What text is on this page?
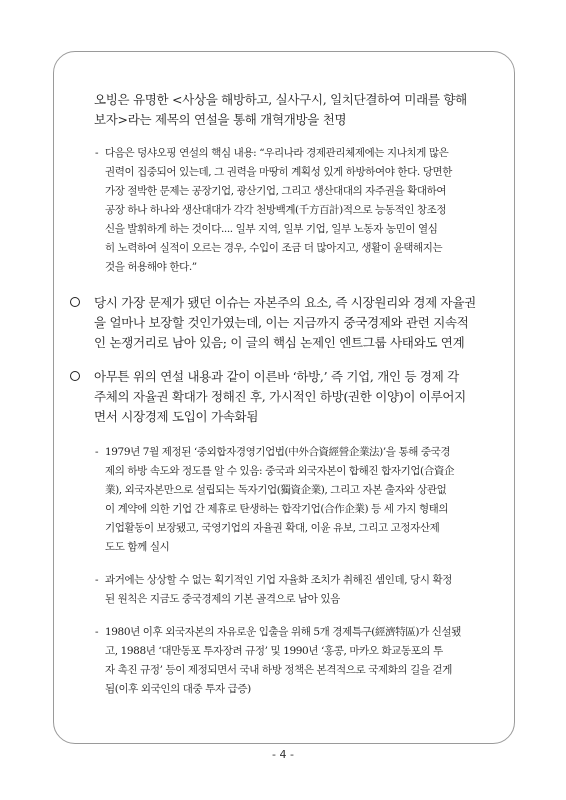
오빙은 유명한 <사상을 해방하고, 실사구시, 일치단결하여 미래를 향해

보자>라는 제목의 연설을 통해 개혁개방을 천명

- 다음은 덩샤오핑 연설의 핵심 내용: “우리나라 경제관리체제에는 지나치게 많은

권력이 집중되어 있는데, 그 권력을 마땅히 계획성 있게 하방하여야 한다. 당면한

가장 절박한 문제는 공장기업, 광산기업, 그리고 생산대대의 자주권을 확대하여

공장 하나 하나와 생산대대가 각각 천방백계(千方百計)적으로 능동적인 창조정

신을 발휘하게 하는 것이다.... 일부 지역, 일부 기업, 일부 노동자 농민이 열심

히 노력하여 실적이 오르는 경우, 수입이 조금 더 많아지고, 생활이 윤택해지는

것을 허용해야 한다.”

당시 가장 문제가 됐던 이슈는 자본주의 요소, 즉 시장원리와 경제 자율권

을 얼마나 보장할 것인가였는데, 이는 지금까지 중국경제와 관련 지속적

인 논쟁거리로 남아 있음; 이 글의 핵심 논제인 엔트그룹 사태와도 연계

아무튼 위의 연설 내용과 같이 이른바 ‘하방,’ 즉 기업, 개인 등 경제 각

주체의 자율권 확대가 정해진 후, 가시적인 하방(권한 이양)이 이루어지

면서 시장경제 도입이 가속화됨

- 1979년 7월 제정된 ‘중외합자경영기업법(中外合資經營企業法)’을 통해 중국경

제의 하방 속도와 정도를 알 수 있음: 중국과 외국자본이 합해진 합자기업(合資企

業), 외국자본만으로 설립되는 독자기업(獨資企業), 그리고 자본 출자와 상관없

이 계약에 의한 기업 간 제휴로 탄생하는 합작기업(合作企業) 등 세 가지 형태의

기업활동이 보장됐고, 국영기업의 자율권 확대, 이윤 유보, 그리고 고정자산제

도도 함께 실시

- 과거에는 상상할 수 없는 획기적인 기업 자율화 조치가 취해진 셈인데, 당시 확정

된 원칙은 지금도 중국경제의 기본 골격으로 남아 있음

- 1980년 이후 외국자본의 자유로운 입출을 위해 5개 경제특구(經濟特區)가 신설됐

고, 1988년 ‘대만동포 투자장려 규정’ 및 1990년 ‘홍콩, 마카오 화교동포의 투

자 촉진 규정’ 등이 제정되면서 국내 하방 정책은 본격적으로 국제화의 길을 걷게

됨(이후 외국인의 대중 투자 급증)

- 4 -
